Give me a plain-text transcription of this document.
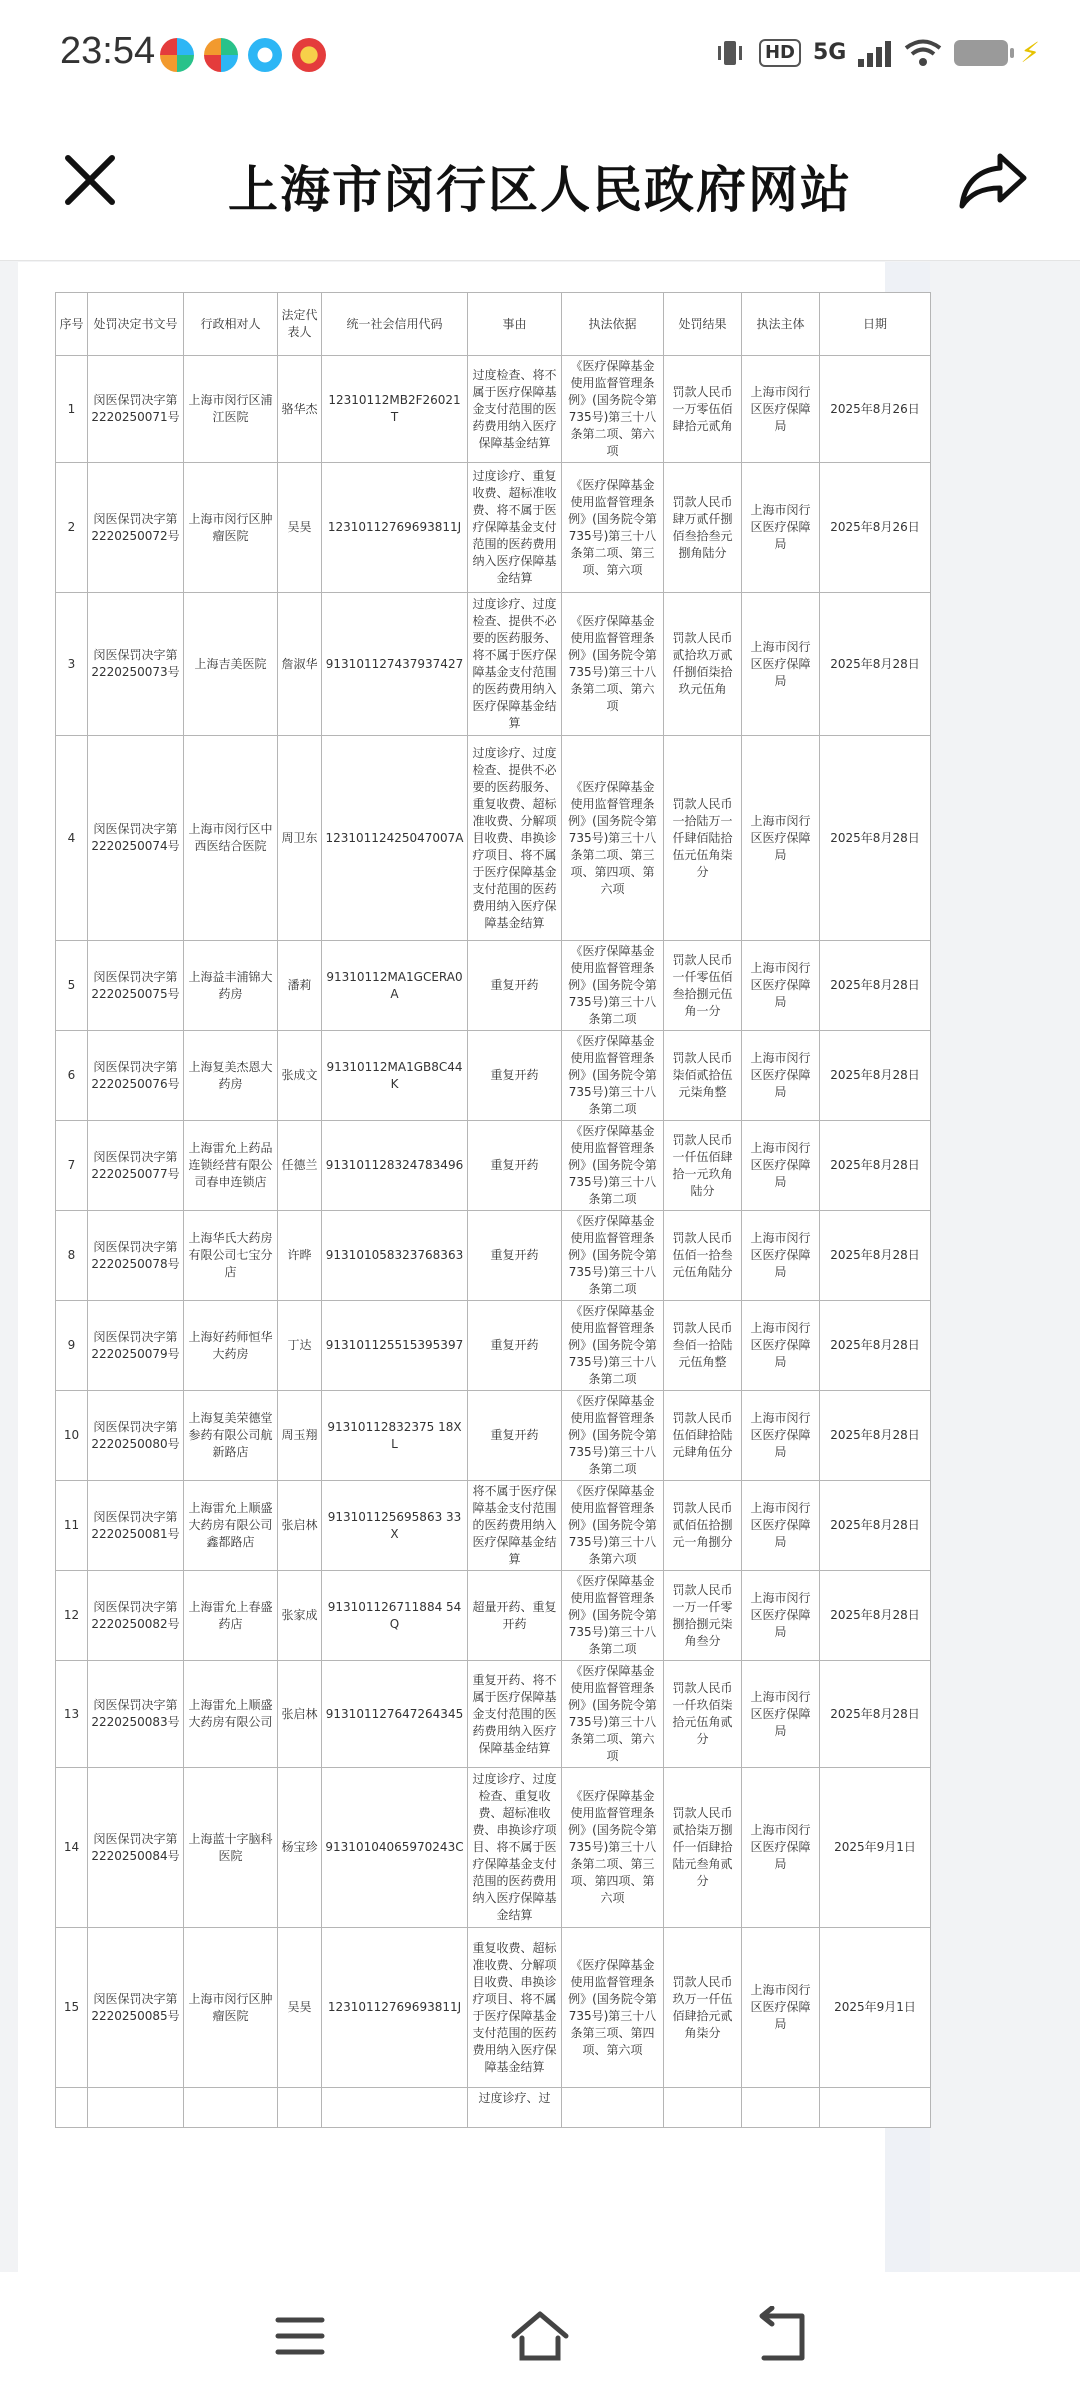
23:54	HD 5G	⚡
上海市闵行区人民政府网站
序号	处罚决定书文号	行政相对人	法定代表人	统一社会信用代码	事由	执法依据	处罚结果	执法主体	日期
1	闵医保罚决字第2220250071号	上海市闵行区浦江医院	骆华杰	12310112MB2F26021T	过度检查、将不属于医疗保障基金支付范围的医药费用纳入医疗保障基金结算	《医疗保障基金使用监督管理条例》(国务院令第735号)第三十八条第二项、第六项	罚款人民币一万零伍佰肆拾元贰角	上海市闵行区医疗保障局	2025年8月26日
2	闵医保罚决字第2220250072号	上海市闵行区肿瘤医院	吴昊	12310112769693811J	过度诊疗、重复收费、超标准收费、将不属于医疗保障基金支付范围的医药费用纳入医疗保障基金结算	《医疗保障基金使用监督管理条例》(国务院令第735号)第三十八条第二项、第三项、第六项	罚款人民币肆万贰仟捌佰叁拾叁元捌角陆分	上海市闵行区医疗保障局	2025年8月26日
3	闵医保罚决字第2220250073号	上海吉美医院	詹淑华	913101127437937427	过度诊疗、过度检查、提供不必要的医药服务、将不属于医疗保障基金支付范围的医药费用纳入医疗保障基金结算	《医疗保障基金使用监督管理条例》(国务院令第735号)第三十八条第二项、第六项	罚款人民币贰拾玖万贰仟捌佰柒拾玖元伍角	上海市闵行区医疗保障局	2025年8月28日
4	闵医保罚决字第2220250074号	上海市闵行区中西医结合医院	周卫东	12310112425047007A	过度诊疗、过度检查、提供不必要的医药服务、重复收费、超标准收费、分解项目收费、串换诊疗项目、将不属于医疗保障基金支付范围的医药费用纳入医疗保障基金结算	《医疗保障基金使用监督管理条例》(国务院令第735号)第三十八条第二项、第三项、第四项、第六项	罚款人民币一拾陆万一仟肆佰陆拾伍元伍角柒分	上海市闵行区医疗保障局	2025年8月28日
5	闵医保罚决字第2220250075号	上海益丰浦锦大药房	潘莉	91310112MA1GCERA0A	重复开药	《医疗保障基金使用监督管理条例》(国务院令第735号)第三十八条第二项	罚款人民币一仟零伍佰叁拾捌元伍角一分	上海市闵行区医疗保障局	2025年8月28日
6	闵医保罚决字第2220250076号	上海复美杰恩大药房	张成文	91310112MA1GB8C44K	重复开药	《医疗保障基金使用监督管理条例》(国务院令第735号)第三十八条第二项	罚款人民币柒佰贰拾伍元柒角整	上海市闵行区医疗保障局	2025年8月28日
7	闵医保罚决字第2220250077号	上海雷允上药品连锁经营有限公司春申连锁店	任德兰	913101128324783496	重复开药	《医疗保障基金使用监督管理条例》(国务院令第735号)第三十八条第二项	罚款人民币一仟伍佰肆拾一元玖角陆分	上海市闵行区医疗保障局	2025年8月28日
8	闵医保罚决字第2220250078号	上海华氏大药房有限公司七宝分店	许晔	913101058323768363	重复开药	《医疗保障基金使用监督管理条例》(国务院令第735号)第三十八条第二项	罚款人民币伍佰一拾叁元伍角陆分	上海市闵行区医疗保障局	2025年8月28日
9	闵医保罚决字第2220250079号	上海好药师恒华大药房	丁达	913101125515395397	重复开药	《医疗保障基金使用监督管理条例》(国务院令第735号)第三十八条第二项	罚款人民币叁佰一拾陆元伍角整	上海市闵行区医疗保障局	2025年8月28日
10	闵医保罚决字第2220250080号	上海复美荣德堂参药有限公司航新路店	周玉翔	91310112832375 18XL	重复开药	《医疗保障基金使用监督管理条例》(国务院令第735号)第三十八条第二项	罚款人民币伍佰肆拾陆元肆角伍分	上海市闵行区医疗保障局	2025年8月28日
11	闵医保罚决字第2220250081号	上海雷允上顺盛大药房有限公司鑫都路店	张启林	913101125695863 33X	将不属于医疗保障基金支付范围的医药费用纳入医疗保障基金结算	《医疗保障基金使用监督管理条例》(国务院令第735号)第三十八条第六项	罚款人民币贰佰伍拾捌元一角捌分	上海市闵行区医疗保障局	2025年8月28日
12	闵医保罚决字第2220250082号	上海雷允上春盛药店	张家成	913101126711884 54Q	超量开药、重复开药	《医疗保障基金使用监督管理条例》(国务院令第735号)第三十八条第二项	罚款人民币一万一仟零捌拾捌元柒角叁分	上海市闵行区医疗保障局	2025年8月28日
13	闵医保罚决字第2220250083号	上海雷允上顺盛大药房有限公司	张启林	913101127647264345	重复开药、将不属于医疗保障基金支付范围的医药费用纳入医疗保障基金结算	《医疗保障基金使用监督管理条例》(国务院令第735号)第三十八条第二项、第六项	罚款人民币一仟玖佰柒拾元伍角贰分	上海市闵行区医疗保障局	2025年8月28日
14	闵医保罚决字第2220250084号	上海蓝十字脑科医院	杨宝珍	91310104065970243C	过度诊疗、过度检查、重复收费、超标准收费、串换诊疗项目、将不属于医疗保障基金支付范围的医药费用纳入医疗保障基金结算	《医疗保障基金使用监督管理条例》(国务院令第735号)第三十八条第二项、第三项、第四项、第六项	罚款人民币贰拾柒万捌仟一佰肆拾陆元叁角贰分	上海市闵行区医疗保障局	2025年9月1日
15	闵医保罚决字第2220250085号	上海市闵行区肿瘤医院	吴昊	12310112769693811J	重复收费、超标准收费、分解项目收费、串换诊疗项目、将不属于医疗保障基金支付范围的医药费用纳入医疗保障基金结算	《医疗保障基金使用监督管理条例》(国务院令第735号)第三十八条第三项、第四项、第六项	罚款人民币玖万一仟伍佰肆拾元贰角柒分	上海市闵行区医疗保障局	2025年9月1日
					过度诊疗、过				
